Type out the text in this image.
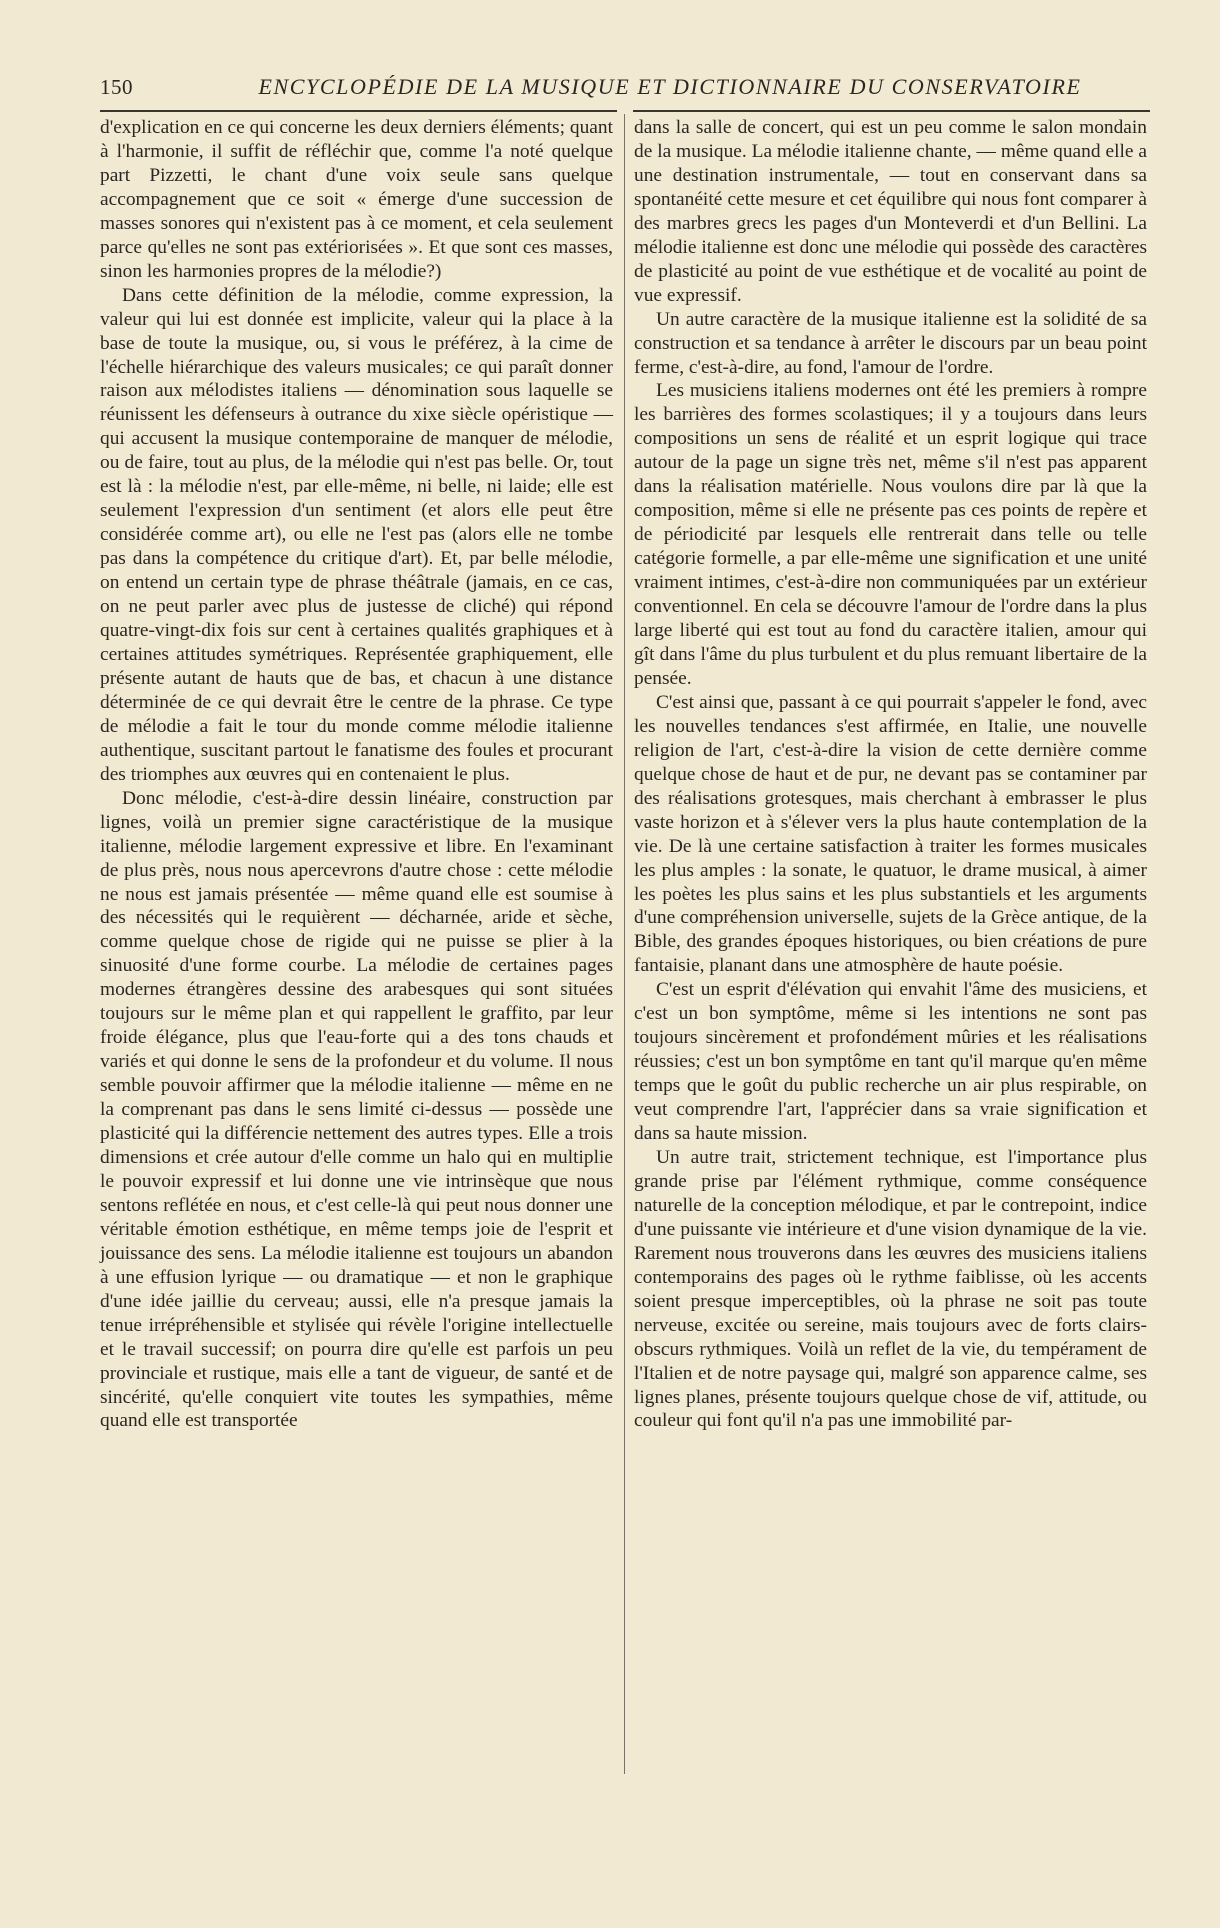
150	ENCYCLOPÉDIE DE LA MUSIQUE ET DICTIONNAIRE DU CONSERVATOIRE

d'explication en ce qui concerne les deux derniers éléments; quant à l'harmonie, il suffit de réfléchir que, comme l'a noté quelque part Pizzetti, le chant d'une voix seule sans quelque accompagnement que ce soit « émerge d'une succession de masses sonores qui n'existent pas à ce moment, et cela seulement parce qu'elles ne sont pas extériorisées ». Et que sont ces masses, sinon les harmonies propres de la mélodie?)

Dans cette définition de la mélodie, comme expression, la valeur qui lui est donnée est implicite, valeur qui la place à la base de toute la musique, ou, si vous le préférez, à la cime de l'échelle hiérarchique des valeurs musicales; ce qui paraît donner raison aux mélodistes italiens — dénomination sous laquelle se réunissent les défenseurs à outrance du xixe siècle opéristique — qui accusent la musique contemporaine de manquer de mélodie, ou de faire, tout au plus, de la mélodie qui n'est pas belle. Or, tout est là : la mélodie n'est, par elle-même, ni belle, ni laide; elle est seulement l'expression d'un sentiment (et alors elle peut être considérée comme art), ou elle ne l'est pas (alors elle ne tombe pas dans la compétence du critique d'art). Et, par belle mélodie, on entend un certain type de phrase théâtrale (jamais, en ce cas, on ne peut parler avec plus de justesse de cliché) qui répond quatre-vingt-dix fois sur cent à certaines qualités graphiques et à certaines attitudes symétriques. Représentée graphiquement, elle présente autant de hauts que de bas, et chacun à une distance déterminée de ce qui devrait être le centre de la phrase. Ce type de mélodie a fait le tour du monde comme mélodie italienne authentique, suscitant partout le fanatisme des foules et procurant des triomphes aux œuvres qui en contenaient le plus.

Donc mélodie, c'est-à-dire dessin linéaire, construction par lignes, voilà un premier signe caractéristique de la musique italienne, mélodie largement expressive et libre. En l'examinant de plus près, nous nous apercevrons d'autre chose : cette mélodie ne nous est jamais présentée — même quand elle est soumise à des nécessités qui le requièrent — décharnée, aride et sèche, comme quelque chose de rigide qui ne puisse se plier à la sinuosité d'une forme courbe. La mélodie de certaines pages modernes étrangères dessine des arabesques qui sont situées toujours sur le même plan et qui rappellent le graffito, par leur froide élégance, plus que l'eau-forte qui a des tons chauds et variés et qui donne le sens de la profondeur et du volume. Il nous semble pouvoir affirmer que la mélodie italienne — même en ne la comprenant pas dans le sens limité ci-dessus — possède une plasticité qui la différencie nettement des autres types. Elle a trois dimensions et crée autour d'elle comme un halo qui en multiplie le pouvoir expressif et lui donne une vie intrinsèque que nous sentons reflétée en nous, et c'est celle-là qui peut nous donner une véritable émotion esthétique, en même temps joie de l'esprit et jouissance des sens. La mélodie italienne est toujours un abandon à une effusion lyrique — ou dramatique — et non le graphique d'une idée jaillie du cerveau; aussi, elle n'a presque jamais la tenue irrépréhensible et stylisée qui révèle l'origine intellectuelle et le travail successif; on pourra dire qu'elle est parfois un peu provinciale et rustique, mais elle a tant de vigueur, de santé et de sincérité, qu'elle conquiert vite toutes les sympathies, même quand elle est transportée

dans la salle de concert, qui est un peu comme le salon mondain de la musique. La mélodie italienne chante, — même quand elle a une destination instrumentale, — tout en conservant dans sa spontanéité cette mesure et cet équilibre qui nous font comparer à des marbres grecs les pages d'un Monteverdi et d'un Bellini. La mélodie italienne est donc une mélodie qui possède des caractères de plasticité au point de vue esthétique et de vocalité au point de vue expressif.

Un autre caractère de la musique italienne est la solidité de sa construction et sa tendance à arrêter le discours par un beau point ferme, c'est-à-dire, au fond, l'amour de l'ordre.

Les musiciens italiens modernes ont été les premiers à rompre les barrières des formes scolastiques; il y a toujours dans leurs compositions un sens de réalité et un esprit logique qui trace autour de la page un signe très net, même s'il n'est pas apparent dans la réalisation matérielle. Nous voulons dire par là que la composition, même si elle ne présente pas ces points de repère et de périodicité par lesquels elle rentrerait dans telle ou telle catégorie formelle, a par elle-même une signification et une unité vraiment intimes, c'est-à-dire non communiquées par un extérieur conventionnel. En cela se découvre l'amour de l'ordre dans la plus large liberté qui est tout au fond du caractère italien, amour qui gît dans l'âme du plus turbulent et du plus remuant libertaire de la pensée.

C'est ainsi que, passant à ce qui pourrait s'appeler le fond, avec les nouvelles tendances s'est affirmée, en Italie, une nouvelle religion de l'art, c'est-à-dire la vision de cette dernière comme quelque chose de haut et de pur, ne devant pas se contaminer par des réalisations grotesques, mais cherchant à embrasser le plus vaste horizon et à s'élever vers la plus haute contemplation de la vie. De là une certaine satisfaction à traiter les formes musicales les plus amples : la sonate, le quatuor, le drame musical, à aimer les poètes les plus sains et les plus substantiels et les arguments d'une compréhension universelle, sujets de la Grèce antique, de la Bible, des grandes époques historiques, ou bien créations de pure fantaisie, planant dans une atmosphère de haute poésie.

C'est un esprit d'élévation qui envahit l'âme des musiciens, et c'est un bon symptôme, même si les intentions ne sont pas toujours sincèrement et profondément mûries et les réalisations réussies; c'est un bon symptôme en tant qu'il marque qu'en même temps que le goût du public recherche un air plus respirable, on veut comprendre l'art, l'apprécier dans sa vraie signification et dans sa haute mission.

Un autre trait, strictement technique, est l'importance plus grande prise par l'élément rythmique, comme conséquence naturelle de la conception mélodique, et par le contrepoint, indice d'une puissante vie intérieure et d'une vision dynamique de la vie. Rarement nous trouverons dans les œuvres des musiciens italiens contemporains des pages où le rythme faiblisse, où les accents soient presque imperceptibles, où la phrase ne soit pas toute nerveuse, excitée ou sereine, mais toujours avec de forts clairs-obscurs rythmiques. Voilà un reflet de la vie, du tempérament de l'Italien et de notre paysage qui, malgré son apparence calme, ses lignes planes, présente toujours quelque chose de vif, attitude, ou couleur qui font qu'il n'a pas une immobilité par-
